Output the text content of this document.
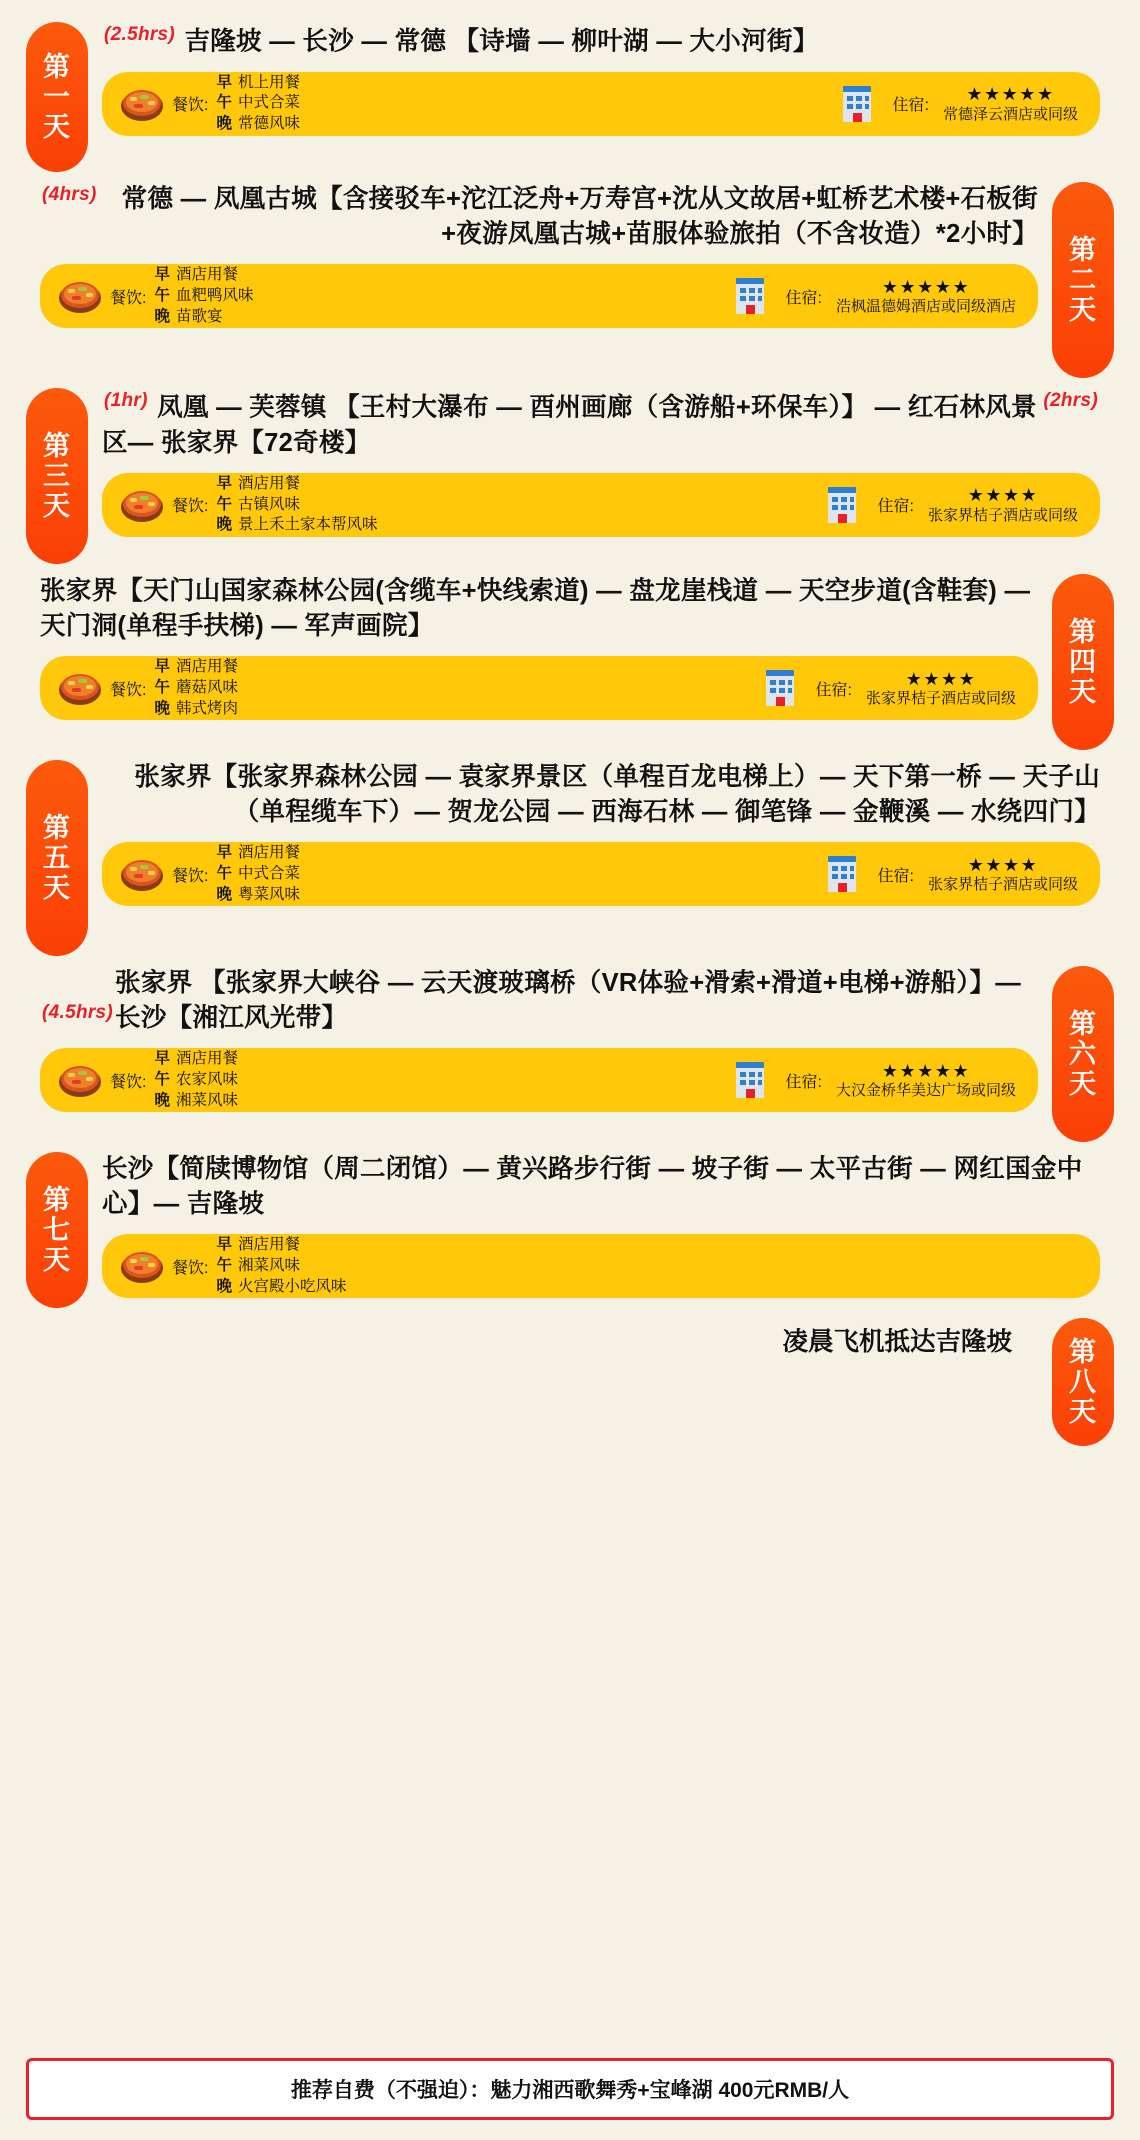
第
一
天
$^{(2.5hrs)}$ 吉隆坡 — 长沙 — 常德 【诗墙 — 柳叶湖 — 大小河街】
餐饮:
早 机上用餐
午 中式合菜
晚 常德风味
住宿:
★★★★★
常德泽云酒店或同级
第
二
天
(4hrs) 常德 — 凤凰古城【含接驳车+沱江泛舟+万寿宫+沈从文故居+虹桥艺术楼+石板街+夜游凤凰古城+苗服体验旅拍（不含妆造）*2小时】
餐饮:
早 酒店用餐
午 血粑鸭风味
晚 苗歌宴
住宿:
★★★★★
浩枫温德姆酒店或同级酒店
第
三
天
$^{(1hr)}$	(2hrs)
凤凰 — 芙蓉镇 【王村大瀑布 — 酉州画廊（含游船+环保车）】 — 红石林风景区— 张家界【72奇楼】
餐饮:
早 酒店用餐
午 古镇风味
晚 景上禾土家本帮风味
住宿:
★★★★
张家界桔子酒店或同级
第
四
天
张家界【天门山国家森林公园(含缆车+快线索道) — 盘龙崖栈道 — 天空步道(含鞋套) — 天门洞(单程手扶梯) — 军声画院】
餐饮:
早 酒店用餐
午 蘑菇风味
晚 韩式烤肉
住宿:
★★★★
张家界桔子酒店或同级
第
五
天
张家界【张家界森林公园 — 袁家界景区（单程百龙电梯上）— 天下第一桥 — 天子山（单程缆车下）— 贺龙公园 — 西海石林 — 御笔锋 — 金鞭溪 — 水绕四门】
餐饮:
早 酒店用餐
午 中式合菜
晚 粤菜风味
住宿:
★★★★
张家界桔子酒店或同级
第
六
天
(4.5hrs)
张家界 【张家界大峡谷 — 云天渡玻璃桥（VR体验+滑索+滑道+电梯+游船）】— 长沙【湘江风光带】
餐饮:
早 酒店用餐
午 农家风味
晚 湘菜风味
住宿:
★★★★★
大汉金桥华美达广场或同级
第
七
天
长沙【简牍博物馆（周二闭馆）— 黄兴路步行街 — 坡子街 — 太平古街 — 网红国金中心】— 吉隆坡
餐饮:
早 酒店用餐
午 湘菜风味
晚 火宫殿小吃风味
第
八
天
凌晨飞机抵达吉隆坡
推荐自费（不强迫）：魅力湘西歌舞秀+宝峰湖 400元RMB/人
